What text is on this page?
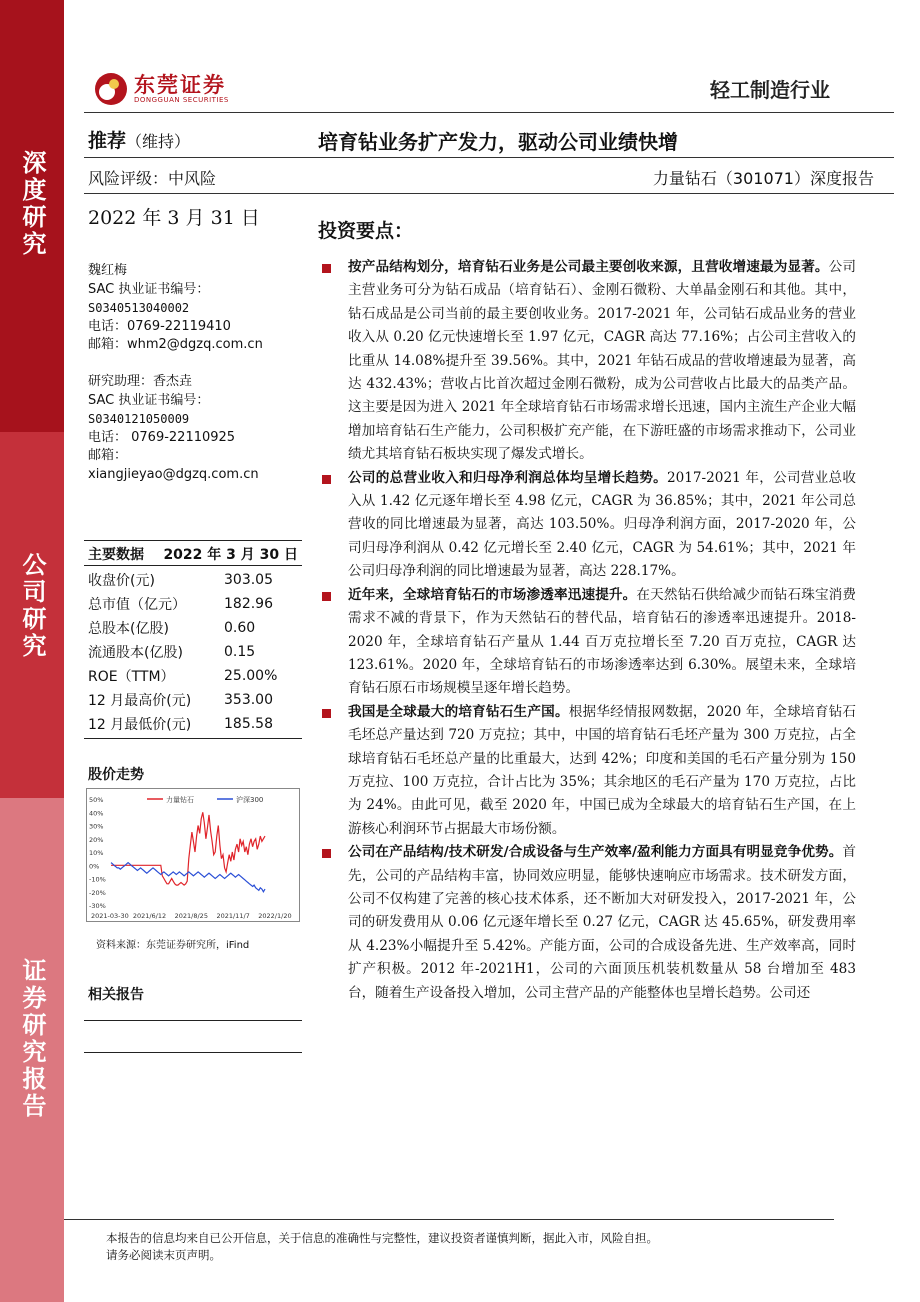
深度研究
公司研究
证券研究报告
东莞证券
DONGGUAN SECURITIES	轻工制造行业
推荐（维持）	培育钻业务扩产发力，驱动公司业绩快增
风险评级：中风险	力量钻石（301071）深度报告
2022 年 3 月 31 日
投资要点：
魏红梅
SAC 执业证书编号：
S0340513040002
电话：0769-22119410
邮箱：whm2@dgzq.com.cn
研究助理：香杰垚
SAC 执业证书编号：
S0340121050009
电话： 0769-22110925
邮箱：
xiangjieyao@dgzq.com.cn
主要数据 2022 年 3 月 30 日
收盘价(元)	303.05
总市值（亿元）	182.96
总股本(亿股)	0.60
流通股本(亿股)	0.15
ROE（TTM）	25.00%
12 月最高价(元)	353.00
12 月最低价(元)	185.58
股价走势
50%
40%
30%
20%
10%
0%
-10%
-20%
-30%
2021-03-30 2021/6/12 2021/8/25 2021/11/7 2022/1/20
力量钻石	沪深300
资料来源：东莞证券研究所，iFind
相关报告
按产品结构划分，培育钻石业务是公司最主要创收来源，且营收增速最为显著。公司主营业务可分为钻石成品（培育钻石）、金刚石微粉、大单晶金刚石和其他。其中，钻石成品是公司当前的最主要创收业务。2017-2021 年，公司钻石成品业务的营业收入从 0.20 亿元快速增长至 1.97 亿元，CAGR 高达 77.16%；占公司主营收入的比重从 14.08%提升至 39.56%。其中，2021 年钻石成品的营收增速最为显著，高达 432.43%；营收占比首次超过金刚石微粉，成为公司营收占比最大的品类产品。这主要是因为进入 2021 年全球培育钻石市场需求增长迅速，国内主流生产企业大幅增加培育钻石生产能力，公司积极扩充产能，在下游旺盛的市场需求推动下，公司业绩尤其培育钻石板块实现了爆发式增长。
公司的总营业收入和归母净利润总体均呈增长趋势。2017-2021 年，公司营业总收入从 1.42 亿元逐年增长至 4.98 亿元，CAGR 为 36.85%；其中，2021 年公司总营收的同比增速最为显著，高达 103.50%。归母净利润方面，2017-2020 年，公司归母净利润从 0.42 亿元增长至 2.40 亿元，CAGR 为 54.61%；其中，2021 年公司归母净利润的同比增速最为显著，高达 228.17%。
近年来，全球培育钻石的市场渗透率迅速提升。在天然钻石供给减少而钻石珠宝消费需求不减的背景下，作为天然钻石的替代品，培育钻石的渗透率迅速提升。2018-2020 年，全球培育钻石产量从 1.44 百万克拉增长至 7.20 百万克拉，CAGR 达 123.61%。2020 年，全球培育钻石的市场渗透率达到 6.30%。展望未来，全球培育钻石原石市场规模呈逐年增长趋势。
我国是全球最大的培育钻石生产国。根据华经情报网数据，2020 年，全球培育钻石毛坯总产量达到 720 万克拉；其中，中国的培育钻石毛坯产量为 300 万克拉，占全球培育钻石毛坯总产量的比重最大，达到 42%；印度和美国的毛石产量分别为 150 万克拉、100 万克拉，合计占比为 35%；其余地区的毛石产量为 170 万克拉，占比为 24%。由此可见，截至 2020 年，中国已成为全球最大的培育钻石生产国，在上游核心利润环节占据最大市场份额。
公司在产品结构/技术研发/合成设备与生产效率/盈利能力方面具有明显竞争优势。首先，公司的产品结构丰富，协同效应明显，能够快速响应市场需求。技术研发方面，公司不仅构建了完善的核心技术体系，还不断加大对研发投入，2017-2021 年，公司的研发费用从 0.06 亿元逐年增长至 0.27 亿元，CAGR 达 45.65%，研发费用率从 4.23%小幅提升至 5.42%。产能方面，公司的合成设备先进、生产效率高，同时扩产积极。2012 年-2021H1，公司的六面顶压机装机数量从 58 台增加至 483 台，随着生产设备投入增加，公司主营产品的产能整体也呈增长趋势。公司还
本报告的信息均来自已公开信息，关于信息的准确性与完整性，建议投资者谨慎判断，据此入市，风险自担。
请务必阅读末页声明。
